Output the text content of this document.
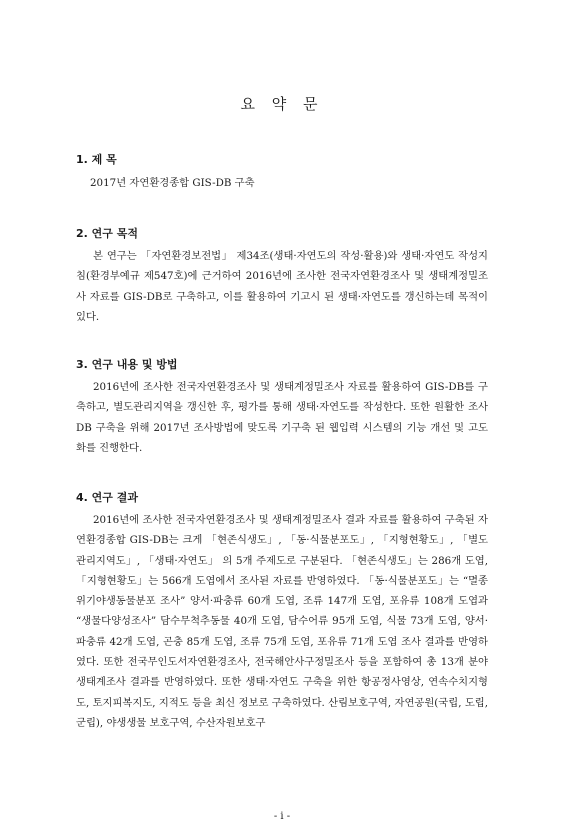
요 약 문
1. 제 목

2017년 자연환경종합 GIS-DB 구축

2. 연구 목적

본 연구는 「자연환경보전법」 제34조(생태·자연도의 작성·활용)와 생태·자연도 작성지침(환경부예규 제547호)에 근거하여 2016년에 조사한 전국자연환경조사 및 생태계정밀조사 자료를 GIS-DB로 구축하고, 이를 활용하여 기고시 된 생태·자연도를 갱신하는데 목적이 있다.

3. 연구 내용 및 방법

2016년에 조사한 전국자연환경조사 및 생태계정밀조사 자료를 활용하여 GIS-DB를 구축하고, 별도관리지역을 갱신한 후, 평가를 통해 생태·자연도를 작성한다. 또한 원활한 조사 DB 구축을 위해 2017년 조사방법에 맞도록 기구축 된 웹입력 시스템의 기능 개선 및 고도화를 진행한다.

4. 연구 결과

2016년에 조사한 전국자연환경조사 및 생태계정밀조사 결과 자료를 활용하여 구축된 자연환경종합 GIS-DB는 크게 「현존식생도」, 「동·식물분포도」, 「지형현황도」, 「별도관리지역도」, 「생태·자연도」 의 5개 주제도로 구분된다. 「현존식생도」는 286개 도엽, 「지형현황도」는 566개 도엽에서 조사된 자료를 반영하였다. 「동·식물분포도」는 “멸종위기야생동물분포 조사” 양서·파충류 60개 도엽, 조류 147개 도엽, 포유류 108개 도엽과 “생물다양성조사” 담수무척추동물 40개 도엽, 담수어류 95개 도엽, 식물 73개 도엽, 양서·파충류 42개 도엽, 곤충 85개 도엽, 조류 75개 도엽, 포유류 71개 도엽 조사 결과를 반영하였다. 또한 전국무인도서자연환경조사, 전국해안사구정밀조사 등을 포함하여 총 13개 분야 생태계조사 결과를 반영하였다. 또한 생태·자연도 구축을 위한 항공정사영상, 연속수치지형도, 토지피복지도, 지적도 등을 최신 정보로 구축하였다. 산림보호구역, 자연공원(국립, 도립, 군립), 야생생물 보호구역, 수산자원보호구

- i -
